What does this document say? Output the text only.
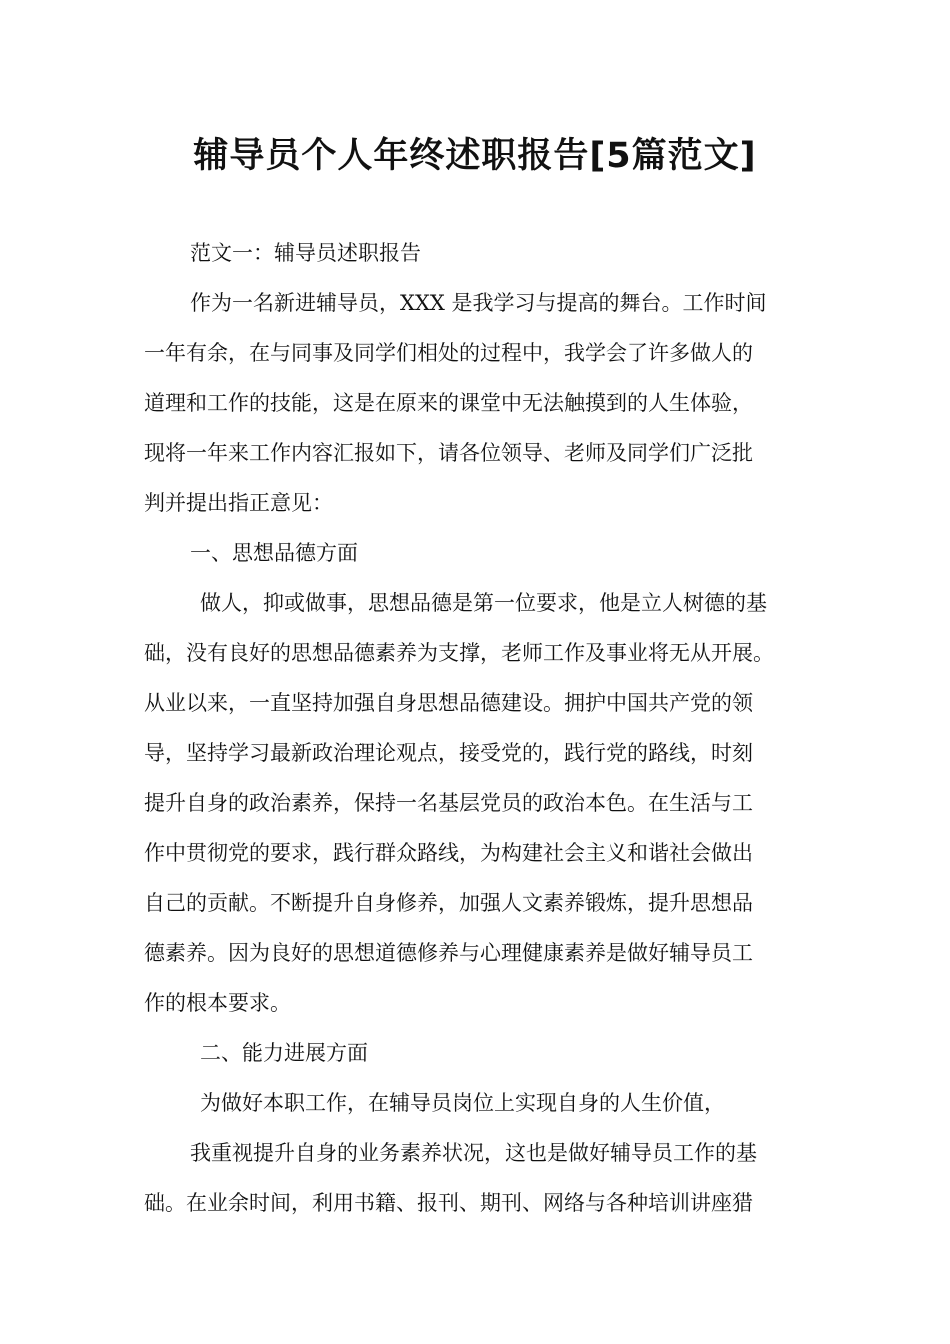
辅导员个人年终述职报告[5篇范文]
范文一：辅导员述职报告
作为一名新进辅导员，XXX 是我学习与提高的舞台。工作时间
一年有余，在与同事及同学们相处的过程中，我学会了许多做人的
道理和工作的技能，这是在原来的课堂中无法触摸到的人生体验，
现将一年来工作内容汇报如下，请各位领导、老师及同学们广泛批
判并提出指正意见：
一、思想品德方面
做人，抑或做事，思想品德是第一位要求，他是立人树德的基
础，没有良好的思想品德素养为支撑，老师工作及事业将无从开展。
从业以来，一直坚持加强自身思想品德建设。拥护中国共产党的领
导，坚持学习最新政治理论观点，接受党的，践行党的路线，时刻
提升自身的政治素养，保持一名基层党员的政治本色。在生活与工
作中贯彻党的要求，践行群众路线，为构建社会主义和谐社会做出
自己的贡献。不断提升自身修养，加强人文素养锻炼，提升思想品
德素养。因为良好的思想道德修养与心理健康素养是做好辅导员工
作的根本要求。
二、能力进展方面
为做好本职工作，在辅导员岗位上实现自身的人生价值，
我重视提升自身的业务素养状况，这也是做好辅导员工作的基
础。在业余时间，利用书籍、报刊、期刊、网络与各种培训讲座猎
